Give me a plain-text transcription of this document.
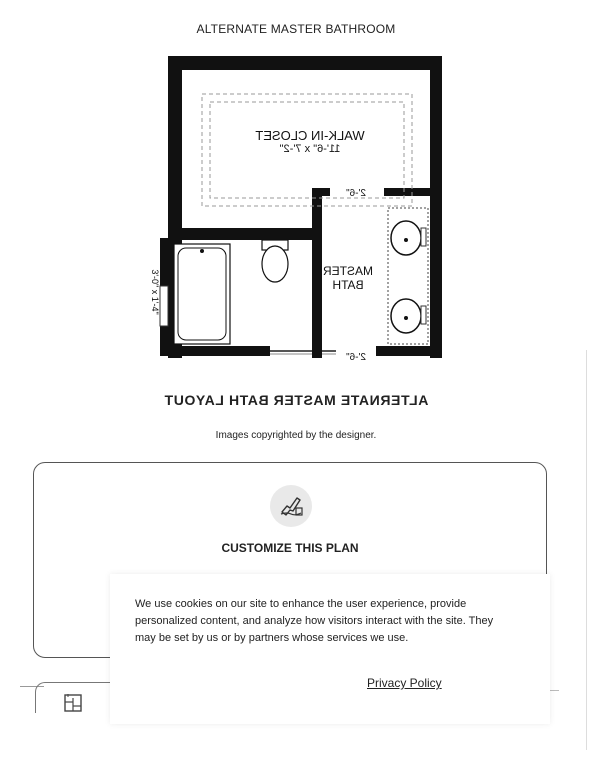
ALTERNATE MASTER BATHROOM
WALK-IN CLOSET
11'-6" x 7'-2"
MASTER
BATH
2'-6"
2'-6"
3'-0" x 1'-4"
ALTERNATE MASTER BATH LAYOUT
Images copyrighted by the designer.
CUSTOMIZE THIS PLAN
We use cookies on our site to enhance the user experience, provide personalized content, and analyze how visitors interact with the site. They may be set by us or by partners whose services we use.
Privacy Policy
